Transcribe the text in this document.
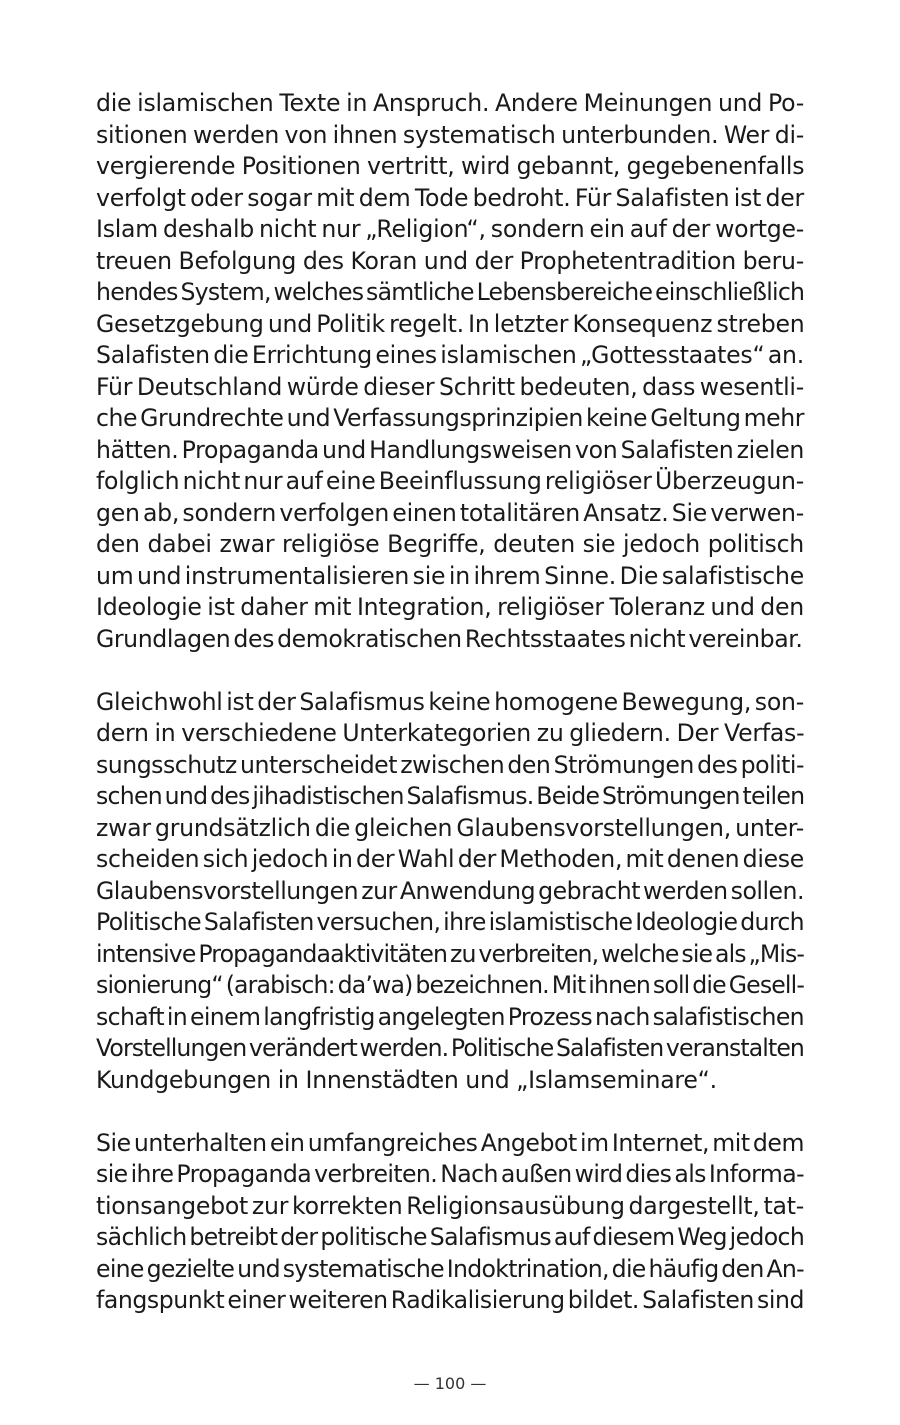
die islamischen Texte in Anspruch. Andere Meinungen und Po-
sitionen werden von ihnen systematisch unterbunden. Wer di-
vergierende Positionen vertritt, wird gebannt, gegebenenfalls
verfolgt oder sogar mit dem Tode bedroht. Für Salafisten ist der
Islam deshalb nicht nur „Religion“, sondern ein auf der wortge-
treuen Befolgung des Koran und der Prophetentradition beru-
hendes System, welches sämtliche Lebensbereiche einschließlich
Gesetzgebung und Politik regelt. In letzter Konsequenz streben
Salafisten die Errichtung eines islamischen „Gottesstaates“ an.
Für Deutschland würde dieser Schritt bedeuten, dass wesentli-
che Grundrechte und Verfassungsprinzipien keine Geltung mehr
hätten. Propaganda und Handlungsweisen von Salafisten zielen
folglich nicht nur auf eine Beeinflussung religiöser Überzeugun-
gen ab, sondern verfolgen einen totalitären Ansatz. Sie verwen-
den dabei zwar religiöse Begriffe, deuten sie jedoch politisch
um und instrumentalisieren sie in ihrem Sinne. Die salafistische
Ideologie ist daher mit Integration, religiöser Toleranz und den
Grundlagen des demokratischen Rechtsstaates nicht vereinbar.

Gleichwohl ist der Salafismus keine homogene Bewegung, son-
dern in verschiedene Unterkategorien zu gliedern. Der Verfas-
sungsschutz unterscheidet zwischen den Strömungen des politi-
schen und des jihadistischen Salafismus. Beide Strömungen teilen
zwar grundsätzlich die gleichen Glaubensvorstellungen, unter-
scheiden sich jedoch in der Wahl der Methoden, mit denen diese
Glaubensvorstellungen zur Anwendung gebracht werden sollen.
Politische Salafisten versuchen, ihre islamistische Ideologie durch
intensive Propagandaaktivitäten zu verbreiten, welche sie als „Mis-
sionierung“ (arabisch: da’wa) bezeichnen. Mit ihnen soll die Gesell-
schaft in einem langfristig angelegten Prozess nach salafistischen
Vorstellungen verändert werden. Politische Salafisten veranstalten
Kundgebungen in Innenstädten und „Islamseminare“.

Sie unterhalten ein umfangreiches Angebot im Internet, mit dem
sie ihre Propaganda verbreiten. Nach außen wird dies als Informa-
tionsangebot zur korrekten Religionsausübung dargestellt, tat-
sächlich betreibt der politische Salafismus auf diesem Weg jedoch
eine gezielte und systematische Indoktrination, die häufig den An-
fangspunkt einer weiteren Radikalisierung bildet. Salafisten sind

— 100 —
